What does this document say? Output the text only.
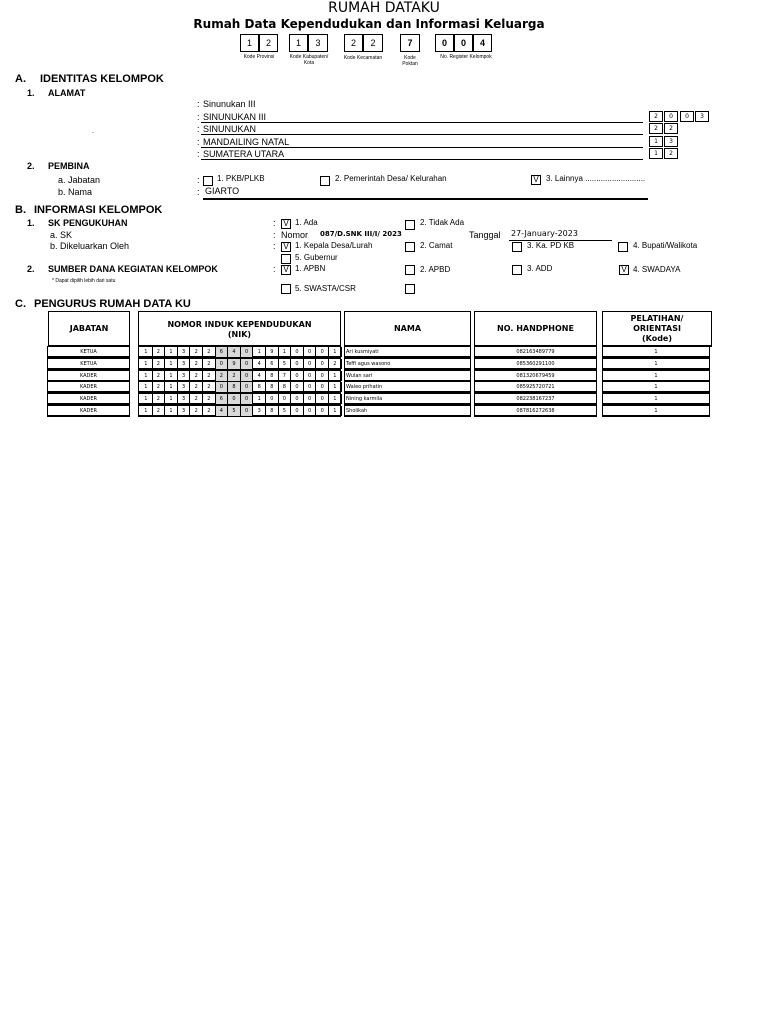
RUMAH DATAKU
Rumah Data Kependudukan dan Informasi Keluarga
1	2	1	3	2	2	7	0	0	4
Kode Provinsi	Kode Kabupaten/ Kota
Kode Kecamatan	Kode Poktan
No. Register Kelompok
A. IDENTITAS KELOMPOK
1. ALAMAT
.
: Sinunukan III
: SINUNUKAN III
: SINUNUKAN
: MANDAILING NATAL
: SUMATERA UTARA
2	0	0	3
2	2
1	3
1	2
2. PEMBINA
a. Jabatan	: 1. PKB/PLKB	2. Pemerintah Desa/ Kelurahan	V 3. Lainnya ...........................
b. Nama	: GIARTO
B. INFORMASI KELOMPOK
1. SK PENGUKUHAN
a. SK
b. Dikeluarkan Oleh
: V 1. Ada	2. Tidak Ada
: Nomor 087/D.SNK III/I/ 2023	Tanggal 27-January-2023
: V 1. Kepala Desa/Lurah	2. Camat	3. Ka. PD KB	4. Bupati/Walikota
5. Gubernur
2. SUMBER DANA KEGIATAN KELOMPOK
* Dapat dipilih lebih dari satu
: V 1. APBN	2. APBD	3. ADD	V 4. SWADAYA
5. SWASTA/CSR
C. PENGURUS RUMAH DATA KU
JABATAN	NOMOR INDUK KEPENDUDUKAN
(NIK)
NAMA	NO. HANDPHONE
PELATIHAN/
ORIENTASI
(Kode)
KETUA	1	2	1	3	2	2	6	4	0	1	9	1	0	0	0	1	Ari kusmiyati	082163489779	1
KETUA	1	2	1	3	2	2	0	9	0	4	6	5	0	0	0	2	Teffi agus wasono	085360291100	1
KADER	1	2	1	3	2	2	2	2	0	4	8	7	0	0	0	1	Wulan sari	081320679459	1
KADER	1	2	1	3	2	2	0	8	0	8	8	8	0	0	0	1	Waleo prihatin	085925720721	1
KADER	1	2	1	3	2	2	6	0	0	1	0	0	0	0	0	1	Nining karmila	082238167237	1
KADER	1	2	1	3	2	2	4	5	0	3	8	5	0	0	0	1	Sholikah	087816272638	1
